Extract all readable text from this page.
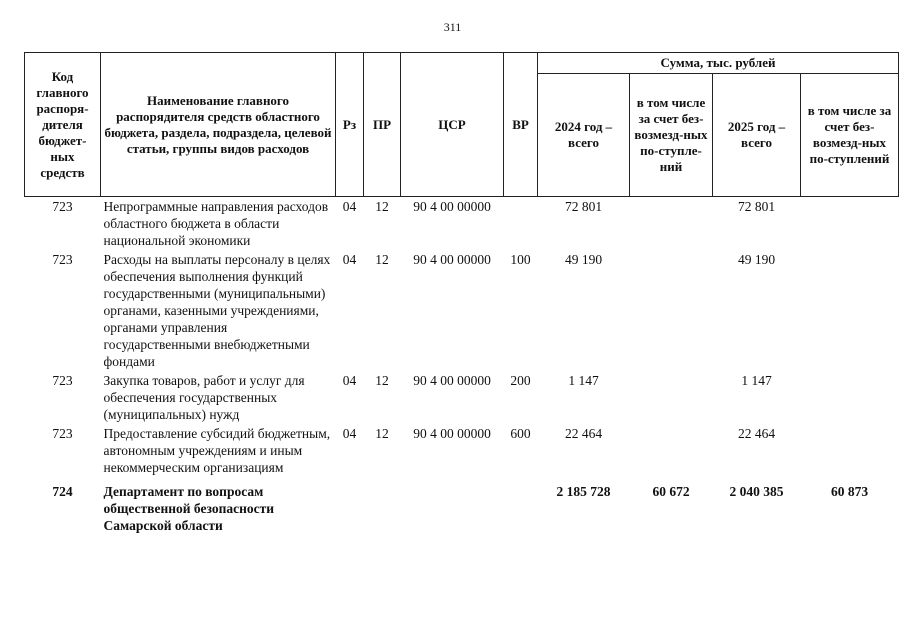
311
Код главного распоря-дителя бюджет-ных средств	Наименование главного распорядителя средств областного бюджета, раздела, подраздела, целевой статьи, группы видов расходов	Рз	ПР	ЦСР	ВР	Сумма, тыс. рублей			
						2024 год – всего	в том числе за счет без-возмезд-ных по-ступле-ний	2025 год – всего	в том числе за счет без-возмезд-ных по-ступлений
723	Непрограммные направления расходов областного бюджета в области национальной экономики	04	12	90 4 00 00000		72 801		72 801	
723	Расходы на выплаты персоналу в целях обеспечения выполнения функций государственными (муниципальными) органами, казенными учреждениями, органами управления государственными внебюджетными фондами	04	12	90 4 00 00000	100	49 190		49 190	
723	Закупка товаров, работ и услуг для обеспечения государственных (муниципальных) нужд	04	12	90 4 00 00000	200	1 147		1 147	
723	Предоставление субсидий бюджетным, автономным учреждениям и иным некоммерческим организациям	04	12	90 4 00 00000	600	22 464		22 464	
724	Департамент по вопросам общественной безопасности Самарской области					2 185 728	60 672	2 040 385	60 873
